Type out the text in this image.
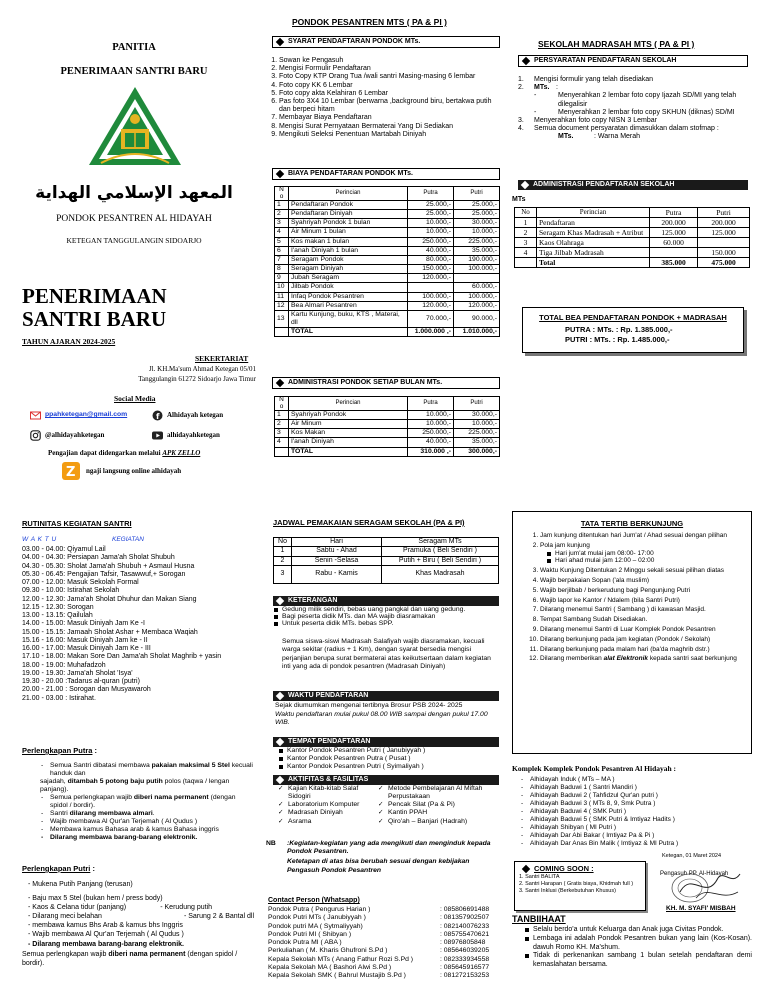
PONDOK PESANTREN MTS ( PA & PI )
PANITIA
PENERIMAAN SANTRI BARU
المعهد الإسلامي الهداية
PONDOK PESANTREN AL HIDAYAH
KETEGAN TANGGULANGIN SIDOARJO
PENERIMAAN
SANTRI BARU
TAHUN AJARAN 2024-2025
SEKERTARIAT
Jl. KH.Ma'sum Ahmad Ketegan 05/01
Tanggulangin 61272 Sidoarjo Jawa Timur
Social Media
ppahketegan@gmail.com	f Alhidayah ketegan
@alhidayahketegan	alhidayahketegan
Pengajian dapat didengarkan melalui APK ZELLO
Z ngaji langsung online alhidayah
SYARAT PENDAFTARAN PONDOK MTs.
1. Sowan ke Pengasuh
2. Mengisi Formulir Pendaftaran
3. Foto Copy KTP Orang Tua /wali santri Masing-masing 6 lembar
4. Foto copy KK 6 Lembar
5. Foto copy akta Kelahiran 6 Lembar
6. Pas foto 3X4 10 Lembar (berwarna ,background biru, bertakwa putih dan berpeci hitam
7. Membayar Biaya Pendaftaran
8. Mengisi Surat Pernyataan Bermaterai Yang Di Sediakan
9. Mengikuti Seleksi Penentuan Martabah Diniyah
BIAYA PENDAFTARAN PONDOK MTs.
N o	Perincian	Putra	Putri
1	Pendaftaran Pondok	25.000,-	25.000,-
2	Pendaftaran Diniyah	25.000,-	25.000,-
3	Syahriyah Pondok 1 bulan	10.000,-	30.000,-
4	Air Minum 1 bulan	10.000,-	10.000,-
5	Kos makan 1 bulan	250.000,-	225.000,-
6	I'anah Diniyah 1 bulan	40.000,-	35.000,-
7	Seragam Pondok	80.000,-	190.000,-
8	Seragam Diniyah	150.000,-	100.000,-
9	Jubah Seragam	120.000,-	
10	Jilbab Pondok		60.000,-
11	Infaq Pondok Pesantren	100.000,-	100.000,-
12	Bea Almari Pesantren	120.000,-	120.000,-
13	Kartu Kunjung, buku, KTS , Materai, dll	70.000,-	90.000,-
	TOTAL	1.000.000 ,-	1.010.000,-
ADMINISTRASI PONDOK SETIAP BULAN MTs.
N o	Perincian	Putra	Putri
1	Syahriyah Pondok	10.000,-	30.000,-
2	Air Minum	10.000,-	10.000,-
3	Kos Makan	250.000,-	225.000,-
4	I'anah Diniyah	40.000,-	35.000,-
	TOTAL	310.000 ,-	300.000,-
SEKOLAH MADRASAH MTS ( PA & PI )
PERSYARATAN PENDAFTARAN SEKOLAH
1.	Mengisi formulir yang telah disediakan
2.	MTs. :
-	Menyerahkan 2 lembar foto copy Ijazah SD/MI yang telah dilegalisir
-	Menyerahkan 2 lembar foto copy SKHUN (diknas) SD/MI
3.	Menyerahkan foto copy NISN 3 Lembar
4.	Semua document persyaratan dimasukkan dalam stofmap :
MTs.	: Warna Merah
ADMINISTRASI PENDAFTARAN SEKOLAH
MTs
No	Perincian	Putra	Putri
1	Pendaftaran	200.000	200.000
2	Seragam Khas Madrasah + Atribut	125.000	125.000
3	Kaos Olahraga	60.000	
4	Tiga Jilbab Madrasah		150.000
	Total	385.000	475.000
TOTAL BEA PENDAFTARAN PONDOK + MADRASAH
PUTRA : MTs. : Rp. 1.385.000,-
PUTRI : MTs. : Rp. 1.485.000,-
RUTINITAS KEGIATAN SANTRI
W A K T U	KEGIATAN
03.00 - 04.00: Qiyamul Lail
04.00 - 04.30: Persiapan Jama'ah Sholat Shubuh
04.30 - 05.30: Sholat Jama'ah Shubuh + Asmaul Husna
05.30 - 06.45: Pengajian Tafsir, Tasawwuf,+ Sorogan
07.00 - 12.00: Masuk Sekolah Formal
09.30 - 10.00: Istirahat Sekolah
12.00 - 12.30: Jama'ah Sholat Dhuhur dan Makan Siang
12.15 - 12.30: Sorogan
13.00 - 13.15: Qailulah
14.00 - 15.00: Masuk Diniyah Jam Ke -I
15.00 - 15.15: Jamaah Sholat Ashar + Membaca Waqiah
15.16 - 16.00: Masuk Diniyah Jam ke - II
16.00 - 17.00: Masuk Diniyah Jam Ke - III
17.10 - 18.00: Makan Sore Dan Jama'ah Sholat Maghrib + yasin
18.00 - 19.00: Muhafadzoh
19.00 - 19.30: Jama'ah Sholat 'Isya'
19.30 - 20.00 :Tadarus al-quran (putri)
20.00 - 21.00 : Sorogan dan Musyawaroh
21.00 - 03.00 : Istirahat.
Perlengkapan Putra :
- Semua Santri dibatasi membawa pakaian maksimal 5 Stel kecuali handuk dan
- sajadah, ditambah 5 potong baju putih polos (taqwa / lengan panjang).
- Semua perlengkapan wajib diberi nama permanent (dengan spidol / bordir).
- Santri dilarang membawa almari.
- Wajib membawa Al Qur'an Terjemah ( Al Qudus )
- Membawa kamus Bahasa arab & kamus Bahasa inggris
- Dilarang membawa barang-barang elektronik.
Perlengkapan Putri :
- Mukena Putih Panjang (terusan)
- Baju max 5 Stel (bukan hem / press body)
- Kaos & Celana tidur (panjang)	- Kerudung putih
- Dilarang meci belahan	- Sarung 2 & Bantal dll
- membawa kamus Bhs Arab & kamus bhs Inggris
- Wajib membawa Al Qur'an Terjemah ( Al Qudus )
- Dilarang membawa barang-barang elektronik.
Semua perlengkapan wajib diberi nama permanent (dengan spidol / bordir).
JADWAL PEMAKAIAN SERAGAM SEKOLAH (PA & PI)
No	Hari	Seragam MTs
1	Sabtu - Ahad	Pramuka ( Beli Sendiri )
2	Senin -Selasa	Putih + Biru ( Beli Sendiri )
3	Rabu - Kamis	Khas Madrasah
KETERANGAN
Gedung milik sendiri, bebas uang pangkal dan uang gedung.
Bagi peserta didik MTs. dan MA wajib diasramakan
Untuk peserta didik MTs. bebas SPP.
Semua siswa-siswi Madrasah Salafiyah wajib diasramakan, kecuali warga sekitar (radius + 1 Km), dengan syarat bersedia mengisi perjanjian berupa surat bermaterai atas keikutsertaan dalam kegiatan inti yang ada di pondok pesantren (Madrasah Diniyah)
WAKTU PENDAFTARAN
Sejak diumumkan mengenai tertibnya Brosur PSB 2024- 2025
Waktu pendaftaran mulai pukul 08.00 WIB sampai dengan pukul 17.00 WIB.
TEMPAT PENDAFTARAN
Kantor Pondok Pesantren Putri ( Janubiyyah )
Kantor Pondok Pesantren Putra ( Pusat )
Kantor Pondok Pesantren Putri ( Syimaliyah )
AKTIFITAS & FASILITAS
✓ Kajian Kitab-kitab Salaf Sidogiri
✓ Laboratorium Komputer
✓ Madrasah Diniyah
✓ Asrama
✓ Metode Pembelajaran Al Miftah Perpustakaan
✓ Pencak Silat (Pa & Pi)
✓ Kantin PPAH
✓ Qiro'ah – Banjari (Hadrah)
NB :Kegiatan-kegiatan yang ada mengikuti dan menginduk kepada Pondok Pesantren.
Ketetapan di atas bisa berubah sesuai dengan kebijakan
Pengasuh Pondok Pesantren
Contact Person (Whatsapp)
Pondok Putra ( Pengurus Harian )	: 085806691488
Pondok Putri MTs ( Janubiyyah )	: 081357902507
Pondok putri MA ( Sytmaliyyah)	: 082140076233
Pondok Putri MI ( Shibyan )	: 085755470621
Pondok Putra MI ( ABA )	: 08976805848
Perkuliahan ( M. Kharis Ghufroni S.Pd )	: 085646039205
Kepala Sekolah MTs ( Anang Fathur Rozi S.Pd )	: 082333934558
Kepala Sekolah MA ( Bashori Alwi S.Pd )	: 085645916577
Kepala Sekolah SMK ( Bahrul Mustajib S.Pd )	: 081272153253
TATA TERTIB BERKUNJUNG
1. Jam kunjung ditentukan hari Jum'at / Ahad sesuai dengan pilihan
2. Pola jam kunjung
Hari jum'at mulai jam 08:00- 17:00
Hari ahad mulai jam 12:00 – 02:00
3. Waktu Kunjung Ditentukan 2 Minggu sekali sesuai pilihan diatas
4. Wajib berpakaian Sopan ('ala muslim)
5. Wajib berjilbab / berkerudung bagi Pengunjung Putri
6. Wajib lapor ke Kantor / Ndalem (bila Santri Putri)
7. Dilarang menemui Santri ( Sambang ) di kawasan Masjid.
8. Tempat Sambang Sudah Disediakan.
9. Dilarang menemui Santri di Luar Komplek Pondok Pesantren
10. Dilarang berkunjung pada jam kegiatan (Pondok / Sekolah)
11. Dilarang berkunjung pada malam hari (ba'da maghrib dstr.)
12. Dilarang memberikan alat Elektronik kepada santri saat berkunjung
Komplek Komplek Pondok Pesantren Al Hidayah :
- Alhidayah Induk ( MTs – MA )
- Alhidayah Baduwi 1 ( Santri Mandiri )
- Alhidayah Baduwi 2 ( Tahfidzul Qur'an putri )
- Alhidayah Baduwi 3 ( MTs 8, 9, Smk Putra )
- Alhidayah Baduwi 4 ( SMK Putri )
- Alhidayah Baduwi 5 ( SMK Putri & Imtiyaz Hadits )
- Alhidayah Shibyan ( MI Putri )
- Alhidayah Dar Abi Bakar ( Imtiyaz Pa & Pi )
- Alhidayah Dar Anas Bin Malik ( Imtiyaz & MI Putra )
Ketegan, 01 Maret 2024
COMING SOON :
1. Santri BALITA
2. Santri Harapan ( Gratis biaya, Khidmah full )
3. Santri Inklusi (Berkebutuhan Khusus)
Pengasuh PP. Al-Hidayah
KH. M. SYAFI' MISBAH
TANBIIHAAT
Selalu berdo'a untuk Keluarga dan Anak juga Civitas Pondok.
Lembaga ini adalah Pondok Pesantren bukan yang lain (Kos-Kosan). dawuh Romo KH. Ma'shum.
Tidak di perkenankan sambang 1 bulan setelah pendaftaran demi kemaslahatan bersama.
